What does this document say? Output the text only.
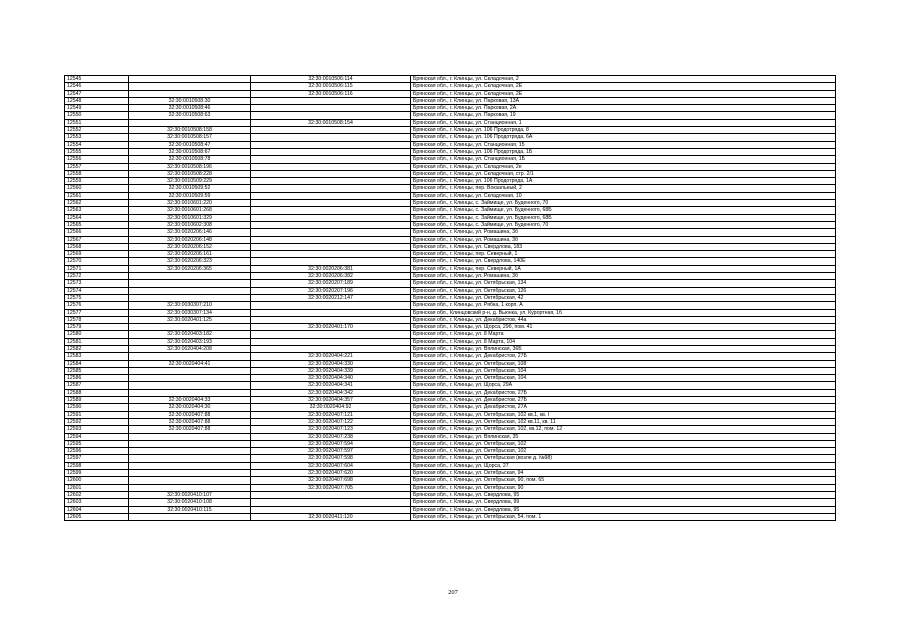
12545		32:30:0010506:114	Брянская обл., г. Клинцы, ул. Складочная, 2
12546		32:30:0010506:115	Брянская обл., г. Клинцы, ул. Складочная, 2Е
12547		32:30:0010506:116	Брянская обл., г. Клинцы, ул. Складочная, 2Е
12548	32:30:0010508:30		Брянская обл., г. Клинцы, ул. Парковая, 13А
12549	32:30:0010508:46		Брянская обл., г. Клинцы, ул. Парковая, 2А
12550	32:30:0010508:63		Брянская обл., г. Клинцы, ул. Парковая, 19
12551		32:30:0010508:154	Брянская обл., г. Клинцы, ул. Станционная, 1
12552	32:30:0010508:158		Брянская обл., г. Клинцы, ул. 106 Продотряда, 8
12553	32:30:0010508:157		Брянская обл., г. Клинцы, ул. 106 Продотряда, 6А
12554	32:30:0010508:47		Брянская обл., г. Клинцы, ул. Станционная, 15
12555	32:30:0010508:67		Брянская обл., г. Клинцы, ул. 106 Продотряда, 1Б
12556	32:30:0010508:78		Брянская обл., г. Клинцы, ул. Станционная, 1Б
12557	32:30:0010508:196		Брянская обл., г. Клинцы, ул. Складочная, 2е
12558	32:30:0010508:228		Брянская обл., г. Клинцы, ул. Складочная, стр. 2/1
12559	32:30:0010509:229		Брянская обл., г. Клинцы, ул. 106 Продотряда, 1А
12560	32:30:0010509:52		Брянская обл., г. Клинцы, пер. Вокзальный, 2
12561	32:30:0010509:59		Брянская обл., г. Клинцы, ул. Складочная, 10
12562	32:30:0010601:220		Брянская обл., г. Клинцы, с. Займище, ул. Буденного, 70
12563	32:30:0010601:268		Брянская обл., г. Клинцы, с. Займище, ул. Буденного, 68Б
12564	32:30:0010601:329		Брянская обл., г. Клинцы, с. Займище, ул. Буденного, 68Б
12565	32:30:0010602:308		Брянская обл., г. Клинцы, с. Займище, ул. Буденного, 70
12566	32:30:0020206:146		Брянская обл., г. Клинцы, ул. Ромашина, 3б
12567	32:30:0020206:148		Брянская обл., г. Клинцы, ул. Ромашина, 3б
12568	32:30:0020206:152		Брянская обл., г. Клинцы, ул. Свердлова, 183
12569	32:30:0020206:161		Брянская обл., г. Клинцы, пер. Северный, 1
12570	32:30:0020206:323		Брянская обл., г. Клинцы, ул. Свердлова, 140Е
12571	32:30:0020206:365	32:30:0020206:381	Брянская обл., г. Клинцы, пер. Северный, 1А
12572		32:30:0020206:382	Брянская обл., г. Клинцы, ул. Ромашина, 3б
12573		32:30:0020207:189	Брянская обл., г. Клинцы, ул. Октябрьская, 134
12574		32:30:0020207:196	Брянская обл., г. Клинцы, ул. Октябрьская, 126
12575		32:30:0020212:147	Брянская обл., г. Клинцы, ул. Октябрьская, 42
12576	32:30:0030307:210		Брянская обл., г. Клинцы, ул. Рябка, 1 корп. А
12577	32:30:0030307:134		Брянская обл., Клинцовский р-н, д. Вьюнка, ул. Курортная, 1б
12578	32:30:0020401:125		Брянская обл., г. Клинцы, ул. Декабристов, 44а
12579		32:30:0020401:170	Брянская обл., г. Клинцы, ул. Щорса, 29б, пом. 41
12580	32:30:0020403:182		Брянская обл., г. Клинцы, ул. 8 Марта
12581	32:30:0020403:193		Брянская обл., г. Клинцы, ул. 8 Марта, 104
12582	32:30:0020404:208		Брянская обл., г. Клинцы, ул. Вялинская, 36Б
12583		32:30:0020404:221	Брянская обл., г. Клинцы, ул. Декабристов, 27Б
12584	32:30:0020404:41	32:30:0020404:330	Брянская обл., г. Клинцы, ул. Октябрьская, 108
12585		32:30:0020404:339	Брянская обл., г. Клинцы, ул. Октябрьская, 104
12586		32:30:0020404:340	Брянская обл., г. Клинцы, ул. Октябрьская, 104
12587		32:30:0020404:341	Брянская обл., г. Клинцы, ул. Щорса, 29А
12588		32:30:0020404:342	Брянская обл., г. Клинцы, ул. Декабристов, 27Б
12589	32:30:0020404:33	32:30:0020404:357	Брянская обл., г. Клинцы, ул. Декабристов, 27Б
12590	32:30:0020404:30	32:30:0020404:92	Брянская обл., г. Клинцы, ул. Декабристов, 27А
12591	32:30:0020407:88	32:30:0020407:121	Брянская обл., г. Клинцы, ул. Октябрьская, 102 кв.1, кв. I
12592	32:30:0020407:88	32:30:0020407:122	Брянская обл., г. Клинцы, ул. Октябрьская, 102 кв.11, кв. 11
12593	32:30:0020407:88	32:30:0020407:123	Брянская обл., г. Клинцы, ул. Октябрьская, 102, кв.12, пом. 12
12594		32:30:0020407:238	Брянская обл., г. Клинцы, ул. Вялинская, 35
12595		32:30:0020407:594	Брянская обл., г. Клинцы, ул. Октябрьская, 102
12596		32:30:0020407:597	Брянская обл., г. Клинцы, ул. Октябрьская, 102
12597		32:30:0020407:598	Брянская обл., г. Клинцы, ул. Октябрьская (возле д. №98)
12598		32:30:0020407:604	Брянская обл., г. Клинцы, ул. Щорса, 27
12599		32:30:0020407:620	Брянская обл., г. Клинцы, ул. Октябрьская, 94
12600		32:30:0020407:698	Брянская обл., г. Клинцы, ул. Октябрьская, 90, пом. 65
12601		32:30:0020407:705	Брянская обл., г. Клинцы, ул. Октябрьская, 90
12602	32:30:0020410:107		Брянская обл., г. Клинцы, ул. Свердлова, 95
12603	32:30:0020410:108		Брянская обл., г. Клинцы, ул. Свердлова, 99
12604	32:30:0020410:115		Брянская обл., г. Клинцы, ул. Свердлова, 95
12605		32:30:0020411:120	Брянская обл., г. Клинцы, ул. Октябрьская, 54, пом. 1
207
